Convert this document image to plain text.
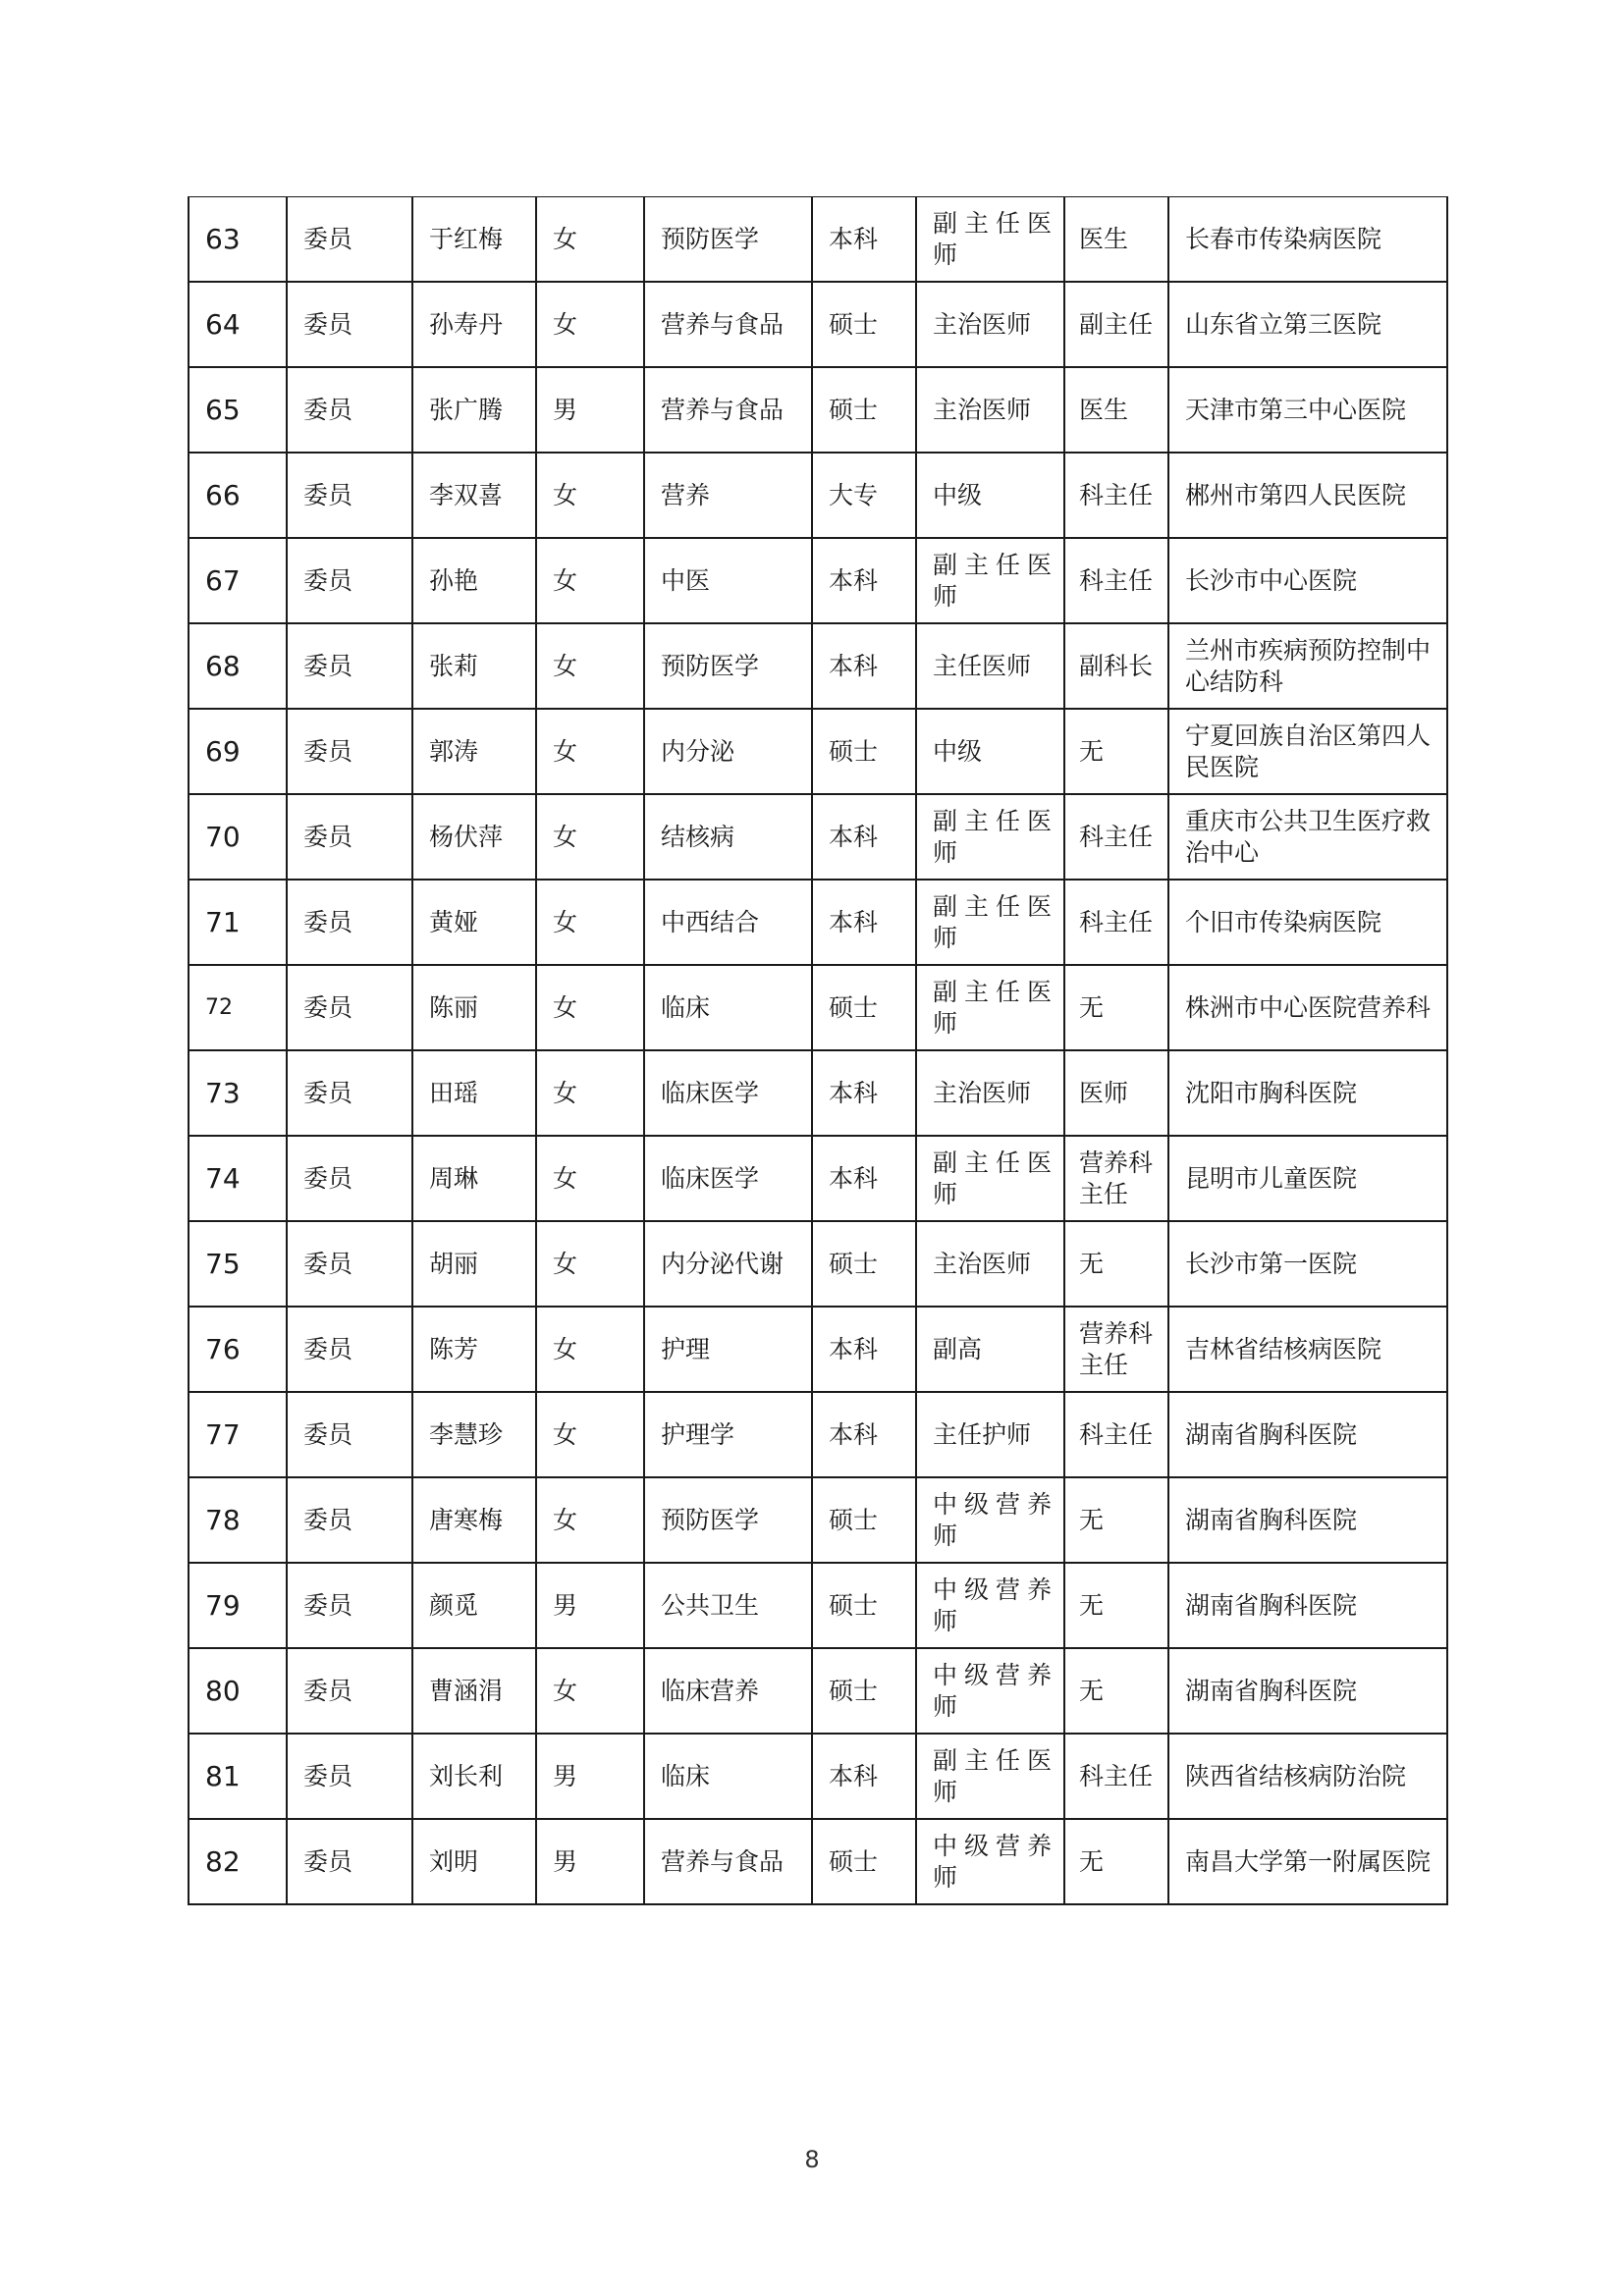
63	委员	于红梅	女	预防医学	本科	副主任医师	医生	长春市传染病医院
64	委员	孙寿丹	女	营养与食品	硕士	主治医师	副主任	山东省立第三医院
65	委员	张广腾	男	营养与食品	硕士	主治医师	医生	天津市第三中心医院
66	委员	李双喜	女	营养	大专	中级	科主任	郴州市第四人民医院
67	委员	孙艳	女	中医	本科	副主任医师	科主任	长沙市中心医院
68	委员	张莉	女	预防医学	本科	主任医师	副科长	兰州市疾病预防控制中心结防科
69	委员	郭涛	女	内分泌	硕士	中级	无	宁夏回族自治区第四人民医院
70	委员	杨伏萍	女	结核病	本科	副主任医师	科主任	重庆市公共卫生医疗救治中心
71	委员	黄娅	女	中西结合	本科	副主任医师	科主任	个旧市传染病医院
72	委员	陈丽	女	临床	硕士	副主任医师	无	株洲市中心医院营养科
73	委员	田瑶	女	临床医学	本科	主治医师	医师	沈阳市胸科医院
74	委员	周琳	女	临床医学	本科	副主任医师	营养科主任	昆明市儿童医院
75	委员	胡丽	女	内分泌代谢	硕士	主治医师	无	长沙市第一医院
76	委员	陈芳	女	护理	本科	副高	营养科主任	吉林省结核病医院
77	委员	李慧珍	女	护理学	本科	主任护师	科主任	湖南省胸科医院
78	委员	唐寒梅	女	预防医学	硕士	中级营养师	无	湖南省胸科医院
79	委员	颜觅	男	公共卫生	硕士	中级营养师	无	湖南省胸科医院
80	委员	曹涵涓	女	临床营养	硕士	中级营养师	无	湖南省胸科医院
81	委员	刘长利	男	临床	本科	副主任医师	科主任	陕西省结核病防治院
82	委员	刘明	男	营养与食品	硕士	中级营养师	无	南昌大学第一附属医院
8
